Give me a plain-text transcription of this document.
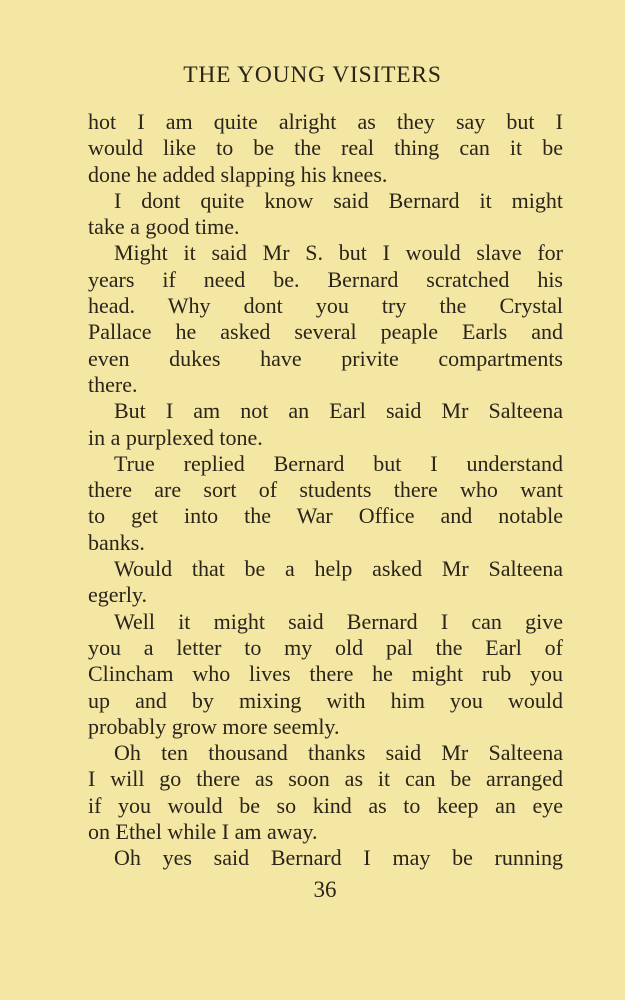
THE YOUNG VISITERS
hot I am quite alright as they say but I
would like to be the real thing can it be
done he added slapping his knees.
I dont quite know said Bernard it might
take a good time.
Might it said Mr S. but I would slave for
years if need be. Bernard scratched his
head. Why dont you try the Crystal
Pallace he asked several peaple Earls and
even dukes have privite compartments
there.
But I am not an Earl said Mr Salteena
in a purplexed tone.
True replied Bernard but I understand
there are sort of students there who want
to get into the War Office and notable
banks.
Would that be a help asked Mr Salteena
egerly.
Well it might said Bernard I can give
you a letter to my old pal the Earl of
Clincham who lives there he might rub you
up and by mixing with him you would
probably grow more seemly.
Oh ten thousand thanks said Mr Salteena
I will go there as soon as it can be arranged
if you would be so kind as to keep an eye
on Ethel while I am away.
Oh yes said Bernard I may be running
36
